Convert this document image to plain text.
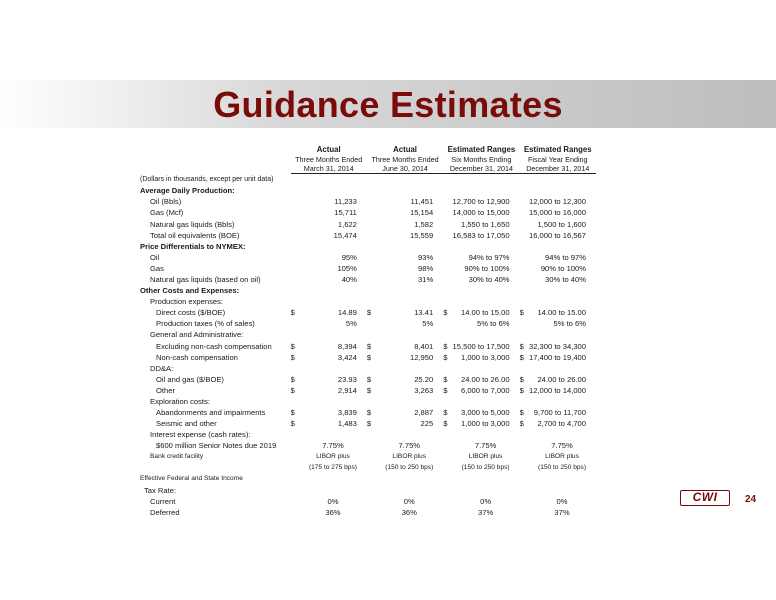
Guidance Estimates
	Actual		Actual		Estimated Ranges		Estimated Ranges	
	Three Months Ended		Three Months Ended		Six Months Ending		Fiscal Year Ending	
	March 31, 2014		June 30, 2014		December 31, 2014		December 31, 2014	
(Dollars in thousands, except per unit data)								
Average Daily Production:								
Oil (Bbls)		11,233		11,451		12,700 to 12,900		12,000 to 12,300
Gas (Mcf)		15,711		15,154		14,000 to 15,000		15,000 to 16,000
Natural gas liquids (Bbls)		1,622		1,582		1,550 to 1,650		1,500 to 1,600
Total oil equivalents (BOE)		15,474		15,559		16,583 to 17,050		16,000 to 16,567
Price Differentials to NYMEX:								
Oil		95%		93%		94% to 97%		94% to 97%
Gas		105%		98%		90% to 100%		90% to 100%
Natural gas liquids (based on oil)		40%		31%		30% to 40%		30% to 40%
Other Costs and Expenses:								
Production expenses:								
Direct costs ($/BOE)	$	14.89	$	13.41	$	14.00 to 15.00	$	14.00 to 15.00
Production taxes (% of sales)		5%		5%		5% to 6%		5% to 6%
General and Administrative:								
Excluding non-cash compensation	$	8,394	$	8,401	$	15,500 to 17,500	$	32,300 to 34,300
Non-cash compensation	$	3,424	$	12,950	$	1,000 to 3,000	$	17,400 to 19,400
DD&A:								
Oil and gas ($/BOE)	$	23.93	$	25.20	$	24.00 to 26.00	$	24.00 to 26.00
Other	$	2,914	$	3,263	$	6,000 to 7,000	$	12,000 to 14,000
Exploration costs:								
Abandonments and impairments	$	3,839	$	2,887	$	3,000 to 5,000	$	9,700 to 11,700
Seismic and other	$	1,483	$	225	$	1,000 to 3,000	$	2,700 to 4,700
Interest expense (cash rates):								
$600 million Senior Notes due 2019		7.75%		7.75%		7.75%		7.75%
Bank credit facility		LIBOR plus		LIBOR plus		LIBOR plus		LIBOR plus
		(175 to 275 bps)		(150 to 250 bps)		(150 to 250 bps)		(150 to 250 bps)
Effective Federal and State Income								
Tax Rate:								
Current		0%		0%		0%		0%
Deferred		36%		36%		37%		37%
CWI	24
